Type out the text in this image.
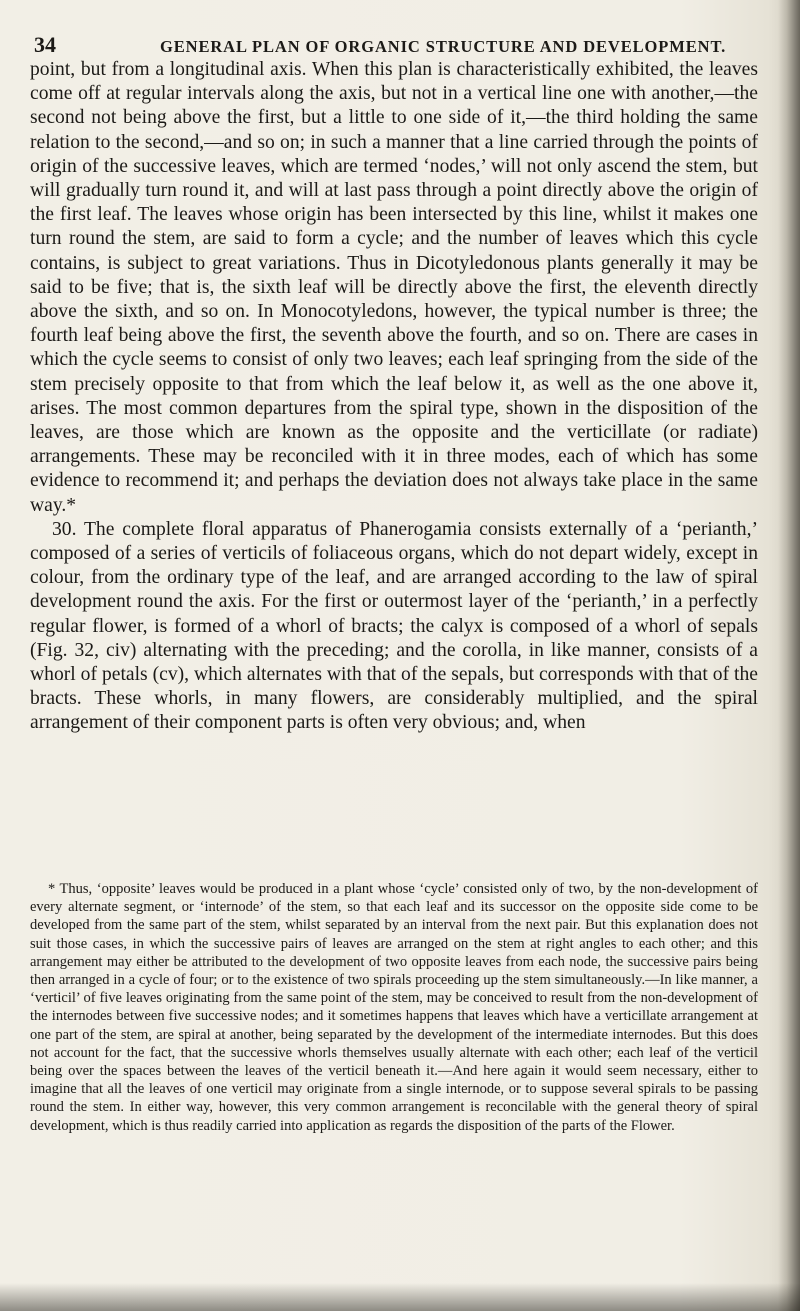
34	GENERAL PLAN OF ORGANIC STRUCTURE AND DEVELOPMENT.

point, but from a longitudinal axis. When this plan is characteristically exhibited, the leaves come off at regular intervals along the axis, but not in a vertical line one with another,—the second not being above the first, but a little to one side of it,—the third holding the same relation to the second,—and so on; in such a manner that a line carried through the points of origin of the successive leaves, which are termed ‘nodes,’ will not only ascend the stem, but will gradually turn round it, and will at last pass through a point directly above the origin of the first leaf. The leaves whose origin has been intersected by this line, whilst it makes one turn round the stem, are said to form a cycle; and the number of leaves which this cycle contains, is subject to great variations. Thus in Dicotyledonous plants generally it may be said to be five; that is, the sixth leaf will be directly above the first, the eleventh directly above the sixth, and so on. In Monocotyledons, however, the typical number is three; the fourth leaf being above the first, the seventh above the fourth, and so on. There are cases in which the cycle seems to consist of only two leaves; each leaf springing from the side of the stem precisely opposite to that from which the leaf below it, as well as the one above it, arises. The most common departures from the spiral type, shown in the disposition of the leaves, are those which are known as the opposite and the verticillate (or radiate) arrangements. These may be reconciled with it in three modes, each of which has some evidence to recommend it; and perhaps the deviation does not always take place in the same way.*

30. The complete floral apparatus of Phanerogamia consists externally of a ‘perianth,’ composed of a series of verticils of foliaceous organs, which do not depart widely, except in colour, from the ordinary type of the leaf, and are arranged according to the law of spiral development round the axis. For the first or outermost layer of the ‘perianth,’ in a perfectly regular flower, is formed of a whorl of bracts; the calyx is composed of a whorl of sepals (Fig. 32, civ) alternating with the preceding; and the corolla, in like manner, consists of a whorl of petals (cv), which alternates with that of the sepals, but corresponds with that of the bracts. These whorls, in many flowers, are considerably multiplied, and the spiral arrangement of their component parts is often very obvious; and, when

* Thus, ‘opposite’ leaves would be produced in a plant whose ‘cycle’ consisted only of two, by the non-development of every alternate segment, or ‘internode’ of the stem, so that each leaf and its successor on the opposite side come to be developed from the same part of the stem, whilst separated by an interval from the next pair. But this explanation does not suit those cases, in which the successive pairs of leaves are arranged on the stem at right angles to each other; and this arrangement may either be attributed to the development of two opposite leaves from each node, the successive pairs being then arranged in a cycle of four; or to the existence of two spirals proceeding up the stem simultaneously.—In like manner, a ‘verticil’ of five leaves originating from the same point of the stem, may be conceived to result from the non-development of the internodes between five successive nodes; and it sometimes happens that leaves which have a verticillate arrangement at one part of the stem, are spiral at another, being separated by the development of the intermediate internodes. But this does not account for the fact, that the successive whorls themselves usually alternate with each other; each leaf of the verticil being over the spaces between the leaves of the verticil beneath it.—And here again it would seem necessary, either to imagine that all the leaves of one verticil may originate from a single internode, or to suppose several spirals to be passing round the stem. In either way, however, this very common arrangement is reconcilable with the general theory of spiral development, which is thus readily carried into application as regards the disposition of the parts of the Flower.
